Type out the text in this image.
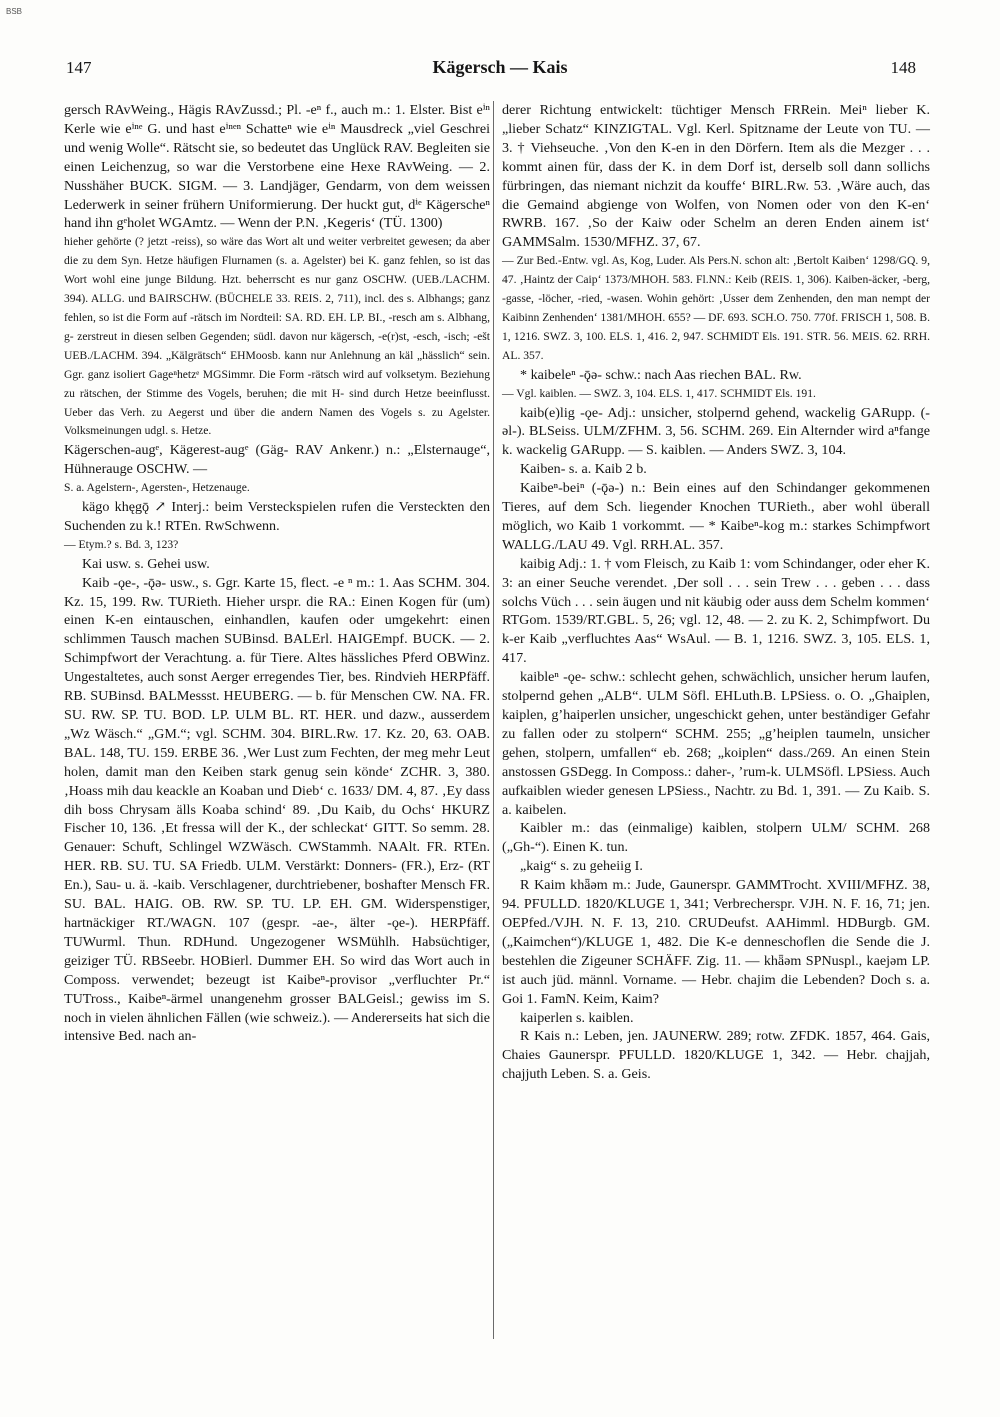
BSB
147	Kägersch — Kais	148

gersch RAvWeing., Hägis RAvZussd.; Pl. -eⁿ f., auch m.: 1. Elster. Bist eⁱⁿ Kerle wie eⁱⁿᵉ G. und hast eⁱⁿᵉⁿ Schatteⁿ wie eⁱⁿ Mausdreck „viel Geschrei und wenig Wolle“. Rätscht sie, so bedeutet das Unglück RAV. Begleiten sie einen Leichenzug, so war die Verstorbene eine Hexe RAvWeing. — 2. Nusshäher BUCK. SIGM. — 3. Landjäger, Gendarm, von dem weissen Lederwerk in seiner frühern Uniformierung. Der huckt gut, dⁱᵉ Kägerscheⁿ hand ihn gᵉholet WGAmtz. — Wenn der P.N. ‚Kegeris‘ (TÜ. 1300)

hieher gehörte (? jetzt -reiss), so wäre das Wort alt und weiter verbreitet gewesen; da aber die zu dem Syn. Hetze häufigen Flurnamen (s. a. Agelster) bei K. ganz fehlen, so ist das Wort wohl eine junge Bildung. Hzt. beherrscht es nur ganz OSCHW. (UEB./LACHM. 394). ALLG. und BAIRSCHW. (BÜCHELE 33. REIS. 2, 711), incl. des s. Albhangs; ganz fehlen, so ist die Form auf -rätsch im Nordteil: SA. RD. EH. LP. BI., -resch am s. Albhang, g- zerstreut in diesen selben Gegenden; südl. davon nur kägersch, -e(r)st, -esch, -isch; -ešt UEB./LACHM. 394. „Kälgrätsch“ EHMoosb. kann nur Anlehnung an käl „hässlich“ sein. Ggr. ganz isoliert Gageⁿhetzᵉ MGSimmr. Die Form -rätsch wird auf volksetym. Beziehung zu rätschen, der Stimme des Vogels, beruhen; die mit H- sind durch Hetze beeinflusst. Ueber das Verh. zu Aegerst und über die andern Namen des Vogels s. zu Agelster. Volksmeinungen udgl. s. Hetze.

Kägerschen-augᵉ, Kägerest-augᵉ (Gäg- RAV Ankenr.) n.: „Elsternauge“, Hühnerauge OSCHW. —

S. a. Agelstern-, Agersten-, Hetzenauge.

kägo khęgǭ ↗ Interj.: beim Versteckspielen rufen die Versteckten den Suchenden zu k.! RTEn. RwSchwenn.

— Etym.? s. Bd. 3, 123?

Kai usw. s. Gehei usw.

Kaib -ǫe-, -ǭə- usw., s. Ggr. Karte 15, flect. -e ⁿ m.: 1. Aas SCHM. 304. Kz. 15, 199. Rw. TURieth. Hieher urspr. die RA.: Einen Kogen für (um) einen K-en eintauschen, einhandlen, kaufen oder umgekehrt: einen schlimmen Tausch machen SUBinsd. BALErl. HAIGEmpf. BUCK. — 2. Schimpfwort der Verachtung. a. für Tiere. Altes hässliches Pferd OBWinz. Ungestaltetes, auch sonst Aerger erregendes Tier, bes. Rindvieh HERPfäff. RB. SUBinsd. BALMessst. HEUBERG. — b. für Menschen CW. NA. FR. SU. RW. SP. TU. BOD. LP. ULM BL. RT. HER. und dazw., ausserdem „Wz Wäsch.“ „GM.“; vgl. SCHM. 304. BIRL.Rw. 17. Kz. 20, 63. OAB. BAL. 148, TU. 159. ERBE 36. ‚Wer Lust zum Fechten, der meg mehr Leut holen, damit man den Keiben stark genug sein könde‘ ZCHR. 3, 380. ‚Hoass mih dau keackle an Koaban und Dieb‘ c. 1633/ DM. 4, 87. ‚Ey dass dih boss Chrysam älls Koaba schind‘ 89. ‚Du Kaib, du Ochs‘ HKURZ Fischer 10, 136. ‚Et fressa will der K., der schleckat‘ GITT. So semm. 28. Genauer: Schuft, Schlingel WZWäsch. CWStammh. NAAlt. FR. RTEn. HER. RB. SU. TU. SA Friedb. ULM. Verstärkt: Donners- (FR.), Erz- (RT En.), Sau- u. ä. -kaib. Verschlagener, durchtriebener, boshafter Mensch FR. SU. BAL. HAIG. OB. RW. SP. TU. LP. EH. GM. Widerspenstiger, hartnäckiger RT./WAGN. 107 (gespr. -ae-, älter -ǫe-). HERPfäff. TUWurml. Thun. RDHund. Ungezogener WSMühlh. Habsüchtiger, geiziger TÜ. RBSeebr. HOBierl. Dummer EH. So wird das Wort auch in Composs. verwendet; bezeugt ist Kaibeⁿ-provisor „verfluchter Pr.“ TUTross., Kaibeⁿ-ärmel unangenehm grosser BALGeisl.; gewiss im S. noch in vielen ähnlichen Fällen (wie schweiz.). — Andererseits hat sich die intensive Bed. nach an-

derer Richtung entwickelt: tüchtiger Mensch FRRein. Meiⁿ lieber K. „lieber Schatz“ KINZIGTAL. Vgl. Kerl. Spitzname der Leute von TU. — 3. † Viehseuche. ‚Von den K-en in den Dörfern. Item als die Mezger . . . kommt ainen für, dass der K. in dem Dorf ist, derselb soll dann sollichs fürbringen, das niemant nichzit da kouffe‘ BIRL.Rw. 53. ‚Wäre auch, das die Gemaind abgienge von Wolfen, von Nomen oder von den K-en‘ RWRB. 167. ‚So der Kaiw oder Schelm an deren Enden ainem ist‘ GAMMSalm. 1530/MFHZ. 37, 67.

— Zur Bed.-Entw. vgl. As, Kog, Luder. Als Pers.N. schon alt: ‚Bertolt Kaiben‘ 1298/GQ. 9, 47. ‚Haintz der Caip‘ 1373/MHOH. 583. Fl.NN.: Keib (REIS. 1, 306). Kaiben-äcker, -berg, -gasse, -löcher, -ried, -wasen. Wohin gehört: ‚Usser dem Zenhenden, den man nempt der Kaibinn Zenhenden‘ 1381/MHOH. 655? — DF. 693. SCH.O. 750. 770f. FRISCH 1, 508. B. 1, 1216. SWZ. 3, 100. ELS. 1, 416. 2, 947. SCHMIDT Els. 191. STR. 56. MEIS. 62. RRH. AL. 357.

* kaibeleⁿ -ǭə- schw.: nach Aas riechen BAL. Rw.

— Vgl. kaiblen. — SWZ. 3, 104. ELS. 1, 417. SCHMIDT Els. 191.

kaib(e)lig -ǫe- Adj.: unsicher, stolpernd gehend, wackelig GARupp. (-əl-). BLSeiss. ULM/ZFHM. 3, 56. SCHM. 269. Ein Alternder wird aⁿfange k. wackelig GARupp. — S. kaiblen. — Anders SWZ. 3, 104.

Kaiben- s. a. Kaib 2 b.

Kaibeⁿ-beiⁿ (-ǭə-) n.: Bein eines auf den Schindanger gekommenen Tieres, auf dem Sch. liegender Knochen TURieth., aber wohl überall möglich, wo Kaib 1 vorkommt. — * Kaibeⁿ-kog m.: starkes Schimpfwort WALLG./LAU 49. Vgl. RRH.AL. 357.

kaibig Adj.: 1. † vom Fleisch, zu Kaib 1: vom Schindanger, oder eher K. 3: an einer Seuche verendet. ‚Der soll . . . sein Trew . . . geben . . . dass solchs Vüch . . . sein äugen und nit käubig oder auss dem Schelm kommen‘ RTGom. 1539/RT.GBL. 5, 26; vgl. 12, 48. — 2. zu K. 2, Schimpfwort. Du k-er Kaib „verfluchtes Aas“ WsAul. — B. 1, 1216. SWZ. 3, 105. ELS. 1, 417.

kaibleⁿ -ǫe- schw.: schlecht gehen, schwächlich, unsicher herum laufen, stolpernd gehen „ALB“. ULM Söfl. EHLuth.B. LPSiess. o. O. „Ghaiplen, kaiplen, gʼhaiperlen unsicher, ungeschickt gehen, unter beständiger Gefahr zu fallen oder zu stolpern“ SCHM. 255; „gʼheiplen taumeln, unsicher gehen, stolpern, umfallen“ eb. 268; „koiplen“ dass./269. An einen Stein anstossen GSDegg. In Composs.: daher-, ’rum-k. ULMSöfl. LPSiess. Auch aufkaiblen wieder genesen LPSiess., Nachtr. zu Bd. 1, 391. — Zu Kaib. S. a. kaibelen.

Kaibler m.: das (einmalige) kaiblen, stolpern ULM/ SCHM. 268 („Gh-“). Einen K. tun.

„kaig“ s. zu geheiig I.

R Kaim khǟəm m.: Jude, Gaunerspr. GAMMTrocht. XVIII/MFHZ. 38, 94. PFULLD. 1820/KLUGE 1, 341; Verbrecherspr. VJH. N. F. 16, 71; jen. OEPfed./VJH. N. F. 13, 210. CRUDeufst. AAHimml. HDBurgb. GM. („Kaimchen“)/KLUGE 1, 482. Die K-e denneschoflen die Sende die J. bestehlen die Zigeuner SCHÄFF. Zig. 11. — khǟəm SPNuspl., kaejəm LP. ist auch jüd. männl. Vorname. — Hebr. chajim die Lebenden? Doch s. a. Goi 1. FamN. Keim, Kaim?

kaiperlen s. kaiblen.

R Kais n.: Leben, jen. JAUNERW. 289; rotw. ZFDK. 1857, 464. Gais, Chaies Gaunerspr. PFULLD. 1820/KLUGE 1, 342. — Hebr. chajjah, chajjuth Leben. S. a. Geis.
